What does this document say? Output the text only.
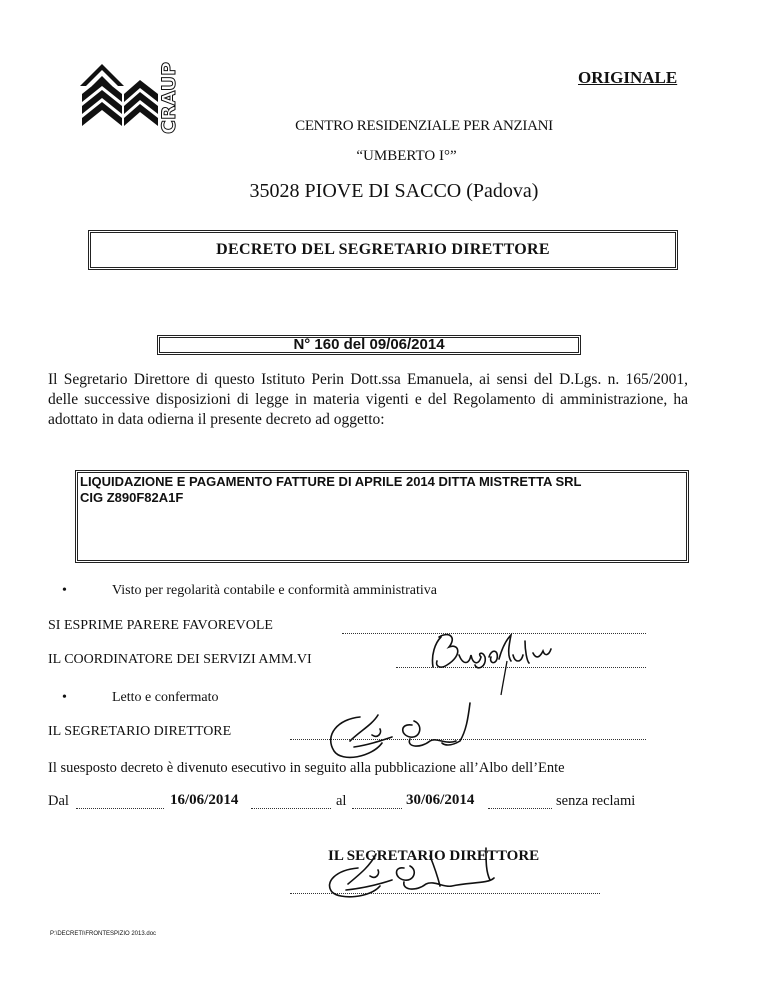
CRAUP	ORIGINALE
CENTRO RESIDENZIALE PER ANZIANI
“UMBERTO I°”
35028 PIOVE DI SACCO (Padova)
DECRETO DEL SEGRETARIO DIRETTORE
N° 160 del 09/06/2014
Il Segretario Direttore di questo Istituto Perin Dott.ssa Emanuela, ai sensi del D.Lgs. n. 165/2001, delle successive disposizioni di legge in materia vigenti e del Regolamento di amministrazione, ha adottato in data odierna il presente decreto ad oggetto:
LIQUIDAZIONE E PAGAMENTO FATTURE DI APRILE 2014 DITTA MISTRETTA SRL
CIG Z890F82A1F
•	Visto per regolarità contabile e conformità amministrativa
SI ESPRIME PARERE FAVOREVOLE
IL COORDINATORE DEI SERVIZI AMM.VI
•	Letto e confermato
IL SEGRETARIO DIRETTORE
Il suesposto decreto è divenuto esecutivo in seguito alla pubblicazione all’Albo dell’Ente
Dal	16/06/2014	al	30/06/2014	senza reclami
IL SEGRETARIO DIRETTORE
P:\DECRETI\FRONTESPIZIO 2013.doc
